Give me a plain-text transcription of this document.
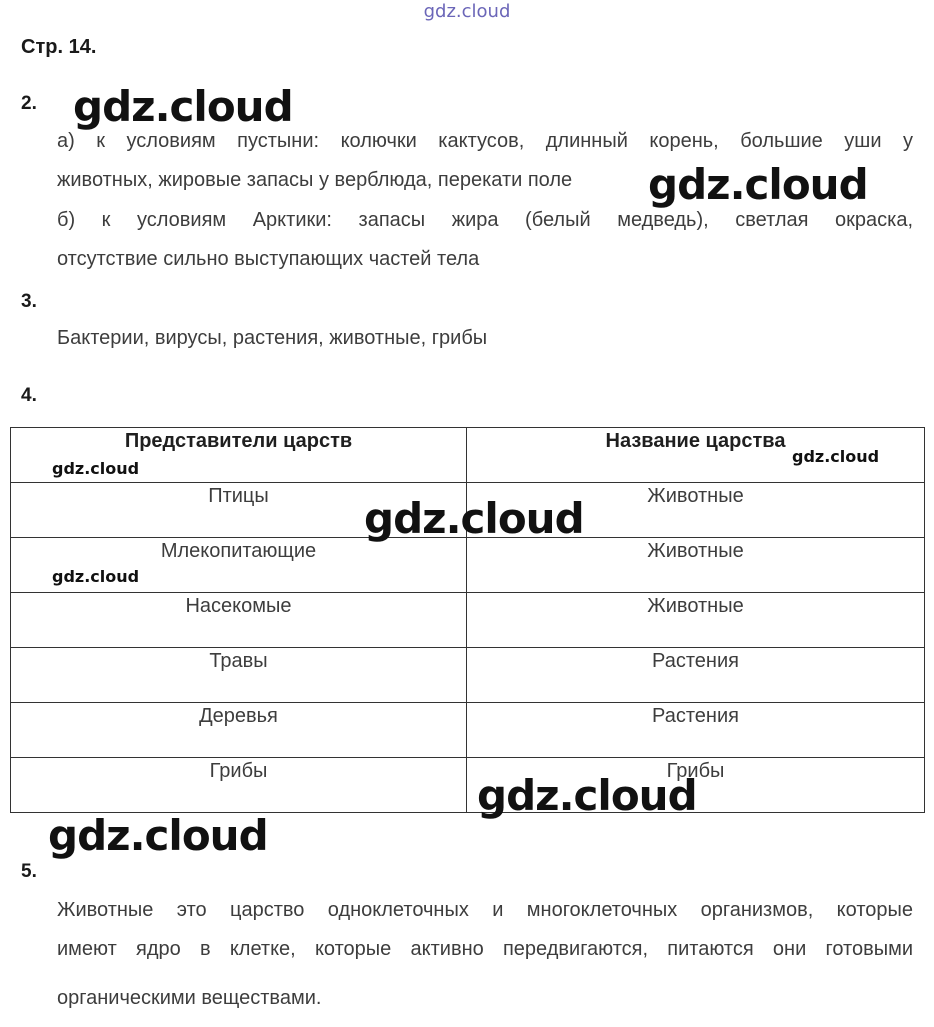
gdz.cloud
Стр. 14.
2.
а) к условиям пустыни: колючки кактусов, длинный корень, большие уши у
животных, жировые запасы у верблюда, перекати поле
б) к условиям Арктики: запасы жира (белый медведь), светлая окраска,
отсутствие сильно выступающих частей тела
3.
Бактерии, вирусы, растения, животные, грибы
4.
Представители царств	Название царства

Птицы	Животные

Млекопитающие	Животные

Насекомые	Животные

Травы	Растения

Деревья	Растения

Грибы	Грибы
5.
Животные это царство одноклеточных и многоклеточных организмов, которые
имеют ядро в клетке, которые активно передвигаются, питаются они готовыми
органическими веществами.
gdz.cloud
gdz.cloud
gdz.cloud
gdz.cloud
gdz.cloud
gdz.cloud
gdz.cloud
gdz.cloud
